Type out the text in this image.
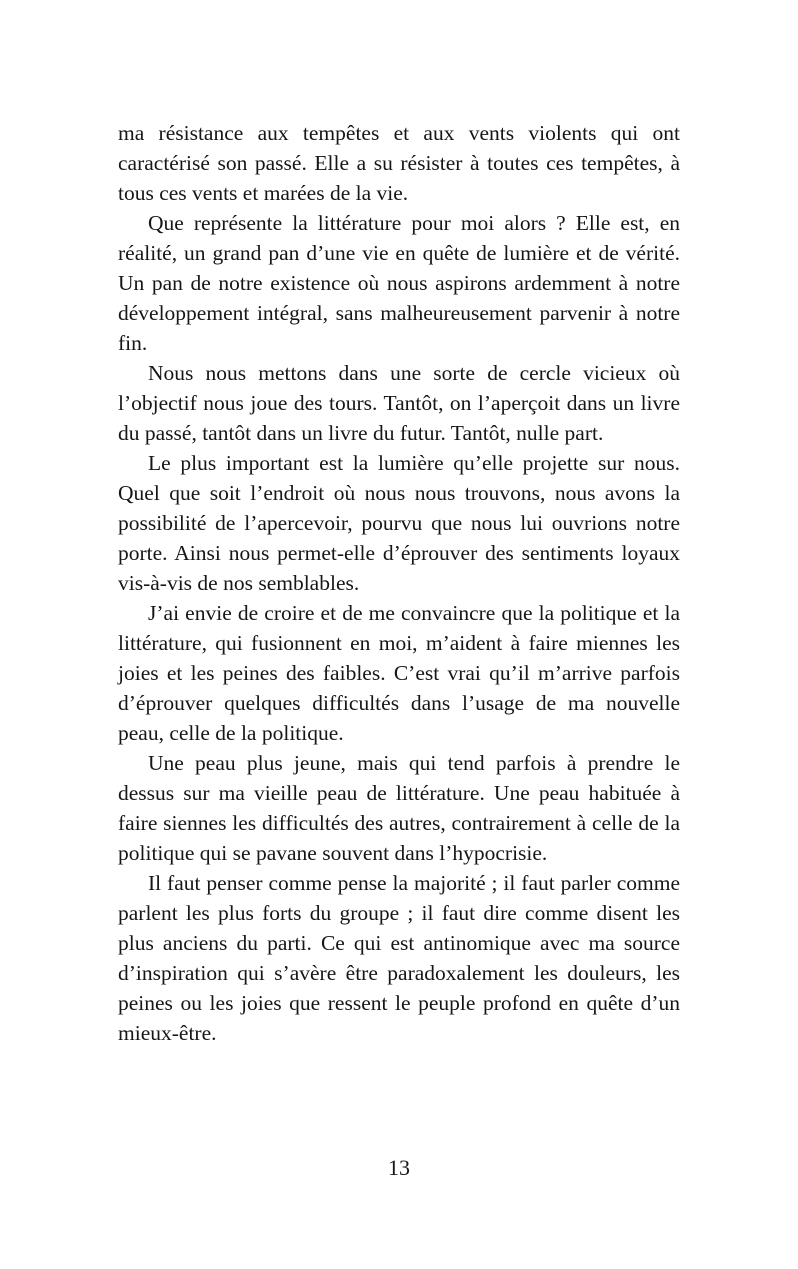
ma résistance aux tempêtes et aux vents violents qui ont caractérisé son passé. Elle a su résister à toutes ces tempêtes, à tous ces vents et marées de la vie.

Que représente la littérature pour moi alors ? Elle est, en réalité, un grand pan d’une vie en quête de lumière et de vérité. Un pan de notre existence où nous aspirons ardemment à notre développement intégral, sans malheureusement parvenir à notre fin.

Nous nous mettons dans une sorte de cercle vicieux où l’objectif nous joue des tours. Tantôt, on l’aperçoit dans un livre du passé, tantôt dans un livre du futur. Tantôt, nulle part.

Le plus important est la lumière qu’elle projette sur nous. Quel que soit l’endroit où nous nous trouvons, nous avons la possibilité de l’apercevoir, pourvu que nous lui ouvrions notre porte. Ainsi nous permet-elle d’éprouver des sentiments loyaux vis-à-vis de nos semblables.

J’ai envie de croire et de me convaincre que la politique et la littérature, qui fusionnent en moi, m’aident à faire miennes les joies et les peines des faibles. C’est vrai qu’il m’arrive parfois d’éprouver quelques difficultés dans l’usage de ma nouvelle peau, celle de la politique.

Une peau plus jeune, mais qui tend parfois à prendre le dessus sur ma vieille peau de littérature. Une peau habituée à faire siennes les difficultés des autres, contrairement à celle de la politique qui se pavane souvent dans l’hypocrisie.

Il faut penser comme pense la majorité ; il faut parler comme parlent les plus forts du groupe ; il faut dire comme disent les plus anciens du parti. Ce qui est antinomique avec ma source d’inspiration qui s’avère être paradoxalement les douleurs, les peines ou les joies que ressent le peuple profond en quête d’un mieux-être.

13
